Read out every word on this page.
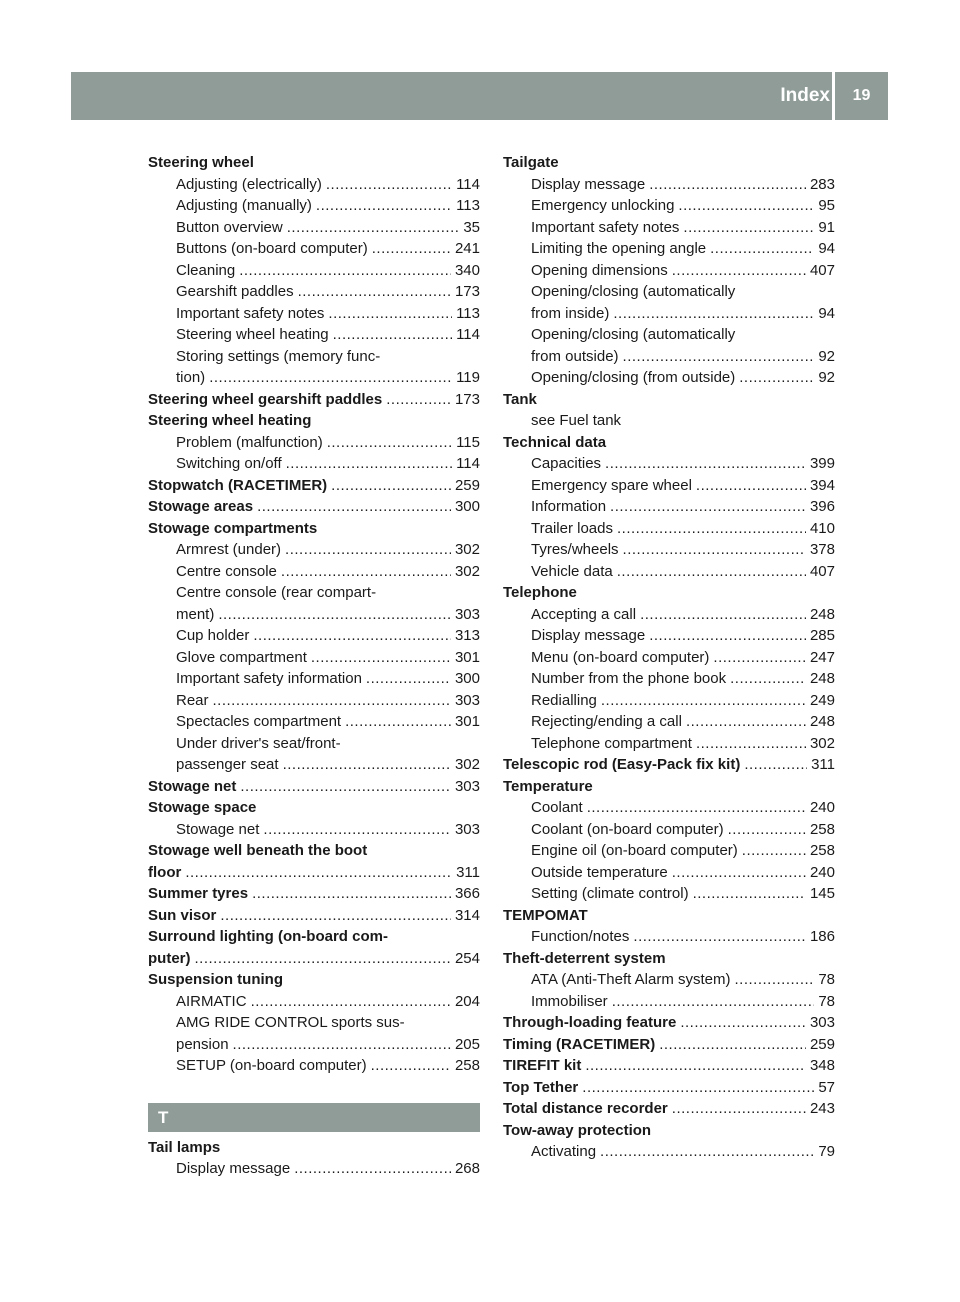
Index	19
Steering wheel
Adjusting (electrically) .....	114
Adjusting (manually) .....	113
Button overview .....	35
Buttons (on-board computer) .....	241
Cleaning .....	340
Gearshift paddles .....	173
Important safety notes .....	113
Steering wheel heating .....	114
Storing settings (memory func-
tion) .....	119
Steering wheel gearshift paddles .....	173
Steering wheel heating
Problem (malfunction) .....	115
Switching on/off .....	114
Stopwatch (RACETIMER) .....	259
Stowage areas .....	300
Stowage compartments
Armrest (under) .....	302
Centre console .....	302
Centre console (rear compart-
ment) .....	303
Cup holder .....	313
Glove compartment .....	301
Important safety information .....	300
Rear .....	303
Spectacles compartment .....	301
Under driver's seat/front-
passenger seat .....	302
Stowage net .....	303
Stowage space
Stowage net .....	303
Stowage well beneath the boot
floor .....	311
Summer tyres .....	366
Sun visor .....	314
Surround lighting (on-board com-
puter) .....	254
Suspension tuning
AIRMATIC .....	204
AMG RIDE CONTROL sports sus-
pension .....	205
SETUP (on-board computer) .....	258
T
Tail lamps
Display message .....	268
Tailgate
Display message .....	283
Emergency unlocking .....	95
Important safety notes .....	91
Limiting the opening angle .....	94
Opening dimensions .....	407
Opening/closing (automatically
from inside) .....	94
Opening/closing (automatically
from outside) .....	92
Opening/closing (from outside) .....	92
Tank
see Fuel tank
Technical data
Capacities .....	399
Emergency spare wheel .....	394
Information .....	396
Trailer loads .....	410
Tyres/wheels .....	378
Vehicle data .....	407
Telephone
Accepting a call .....	248
Display message .....	285
Menu (on-board computer) .....	247
Number from the phone book .....	248
Redialling .....	249
Rejecting/ending a call .....	248
Telephone compartment .....	302
Telescopic rod (Easy-Pack fix kit) .....	311
Temperature
Coolant .....	240
Coolant (on-board computer) .....	258
Engine oil (on-board computer) .....	258
Outside temperature .....	240
Setting (climate control) .....	145
TEMPOMAT
Function/notes .....	186
Theft-deterrent system
ATA (Anti-Theft Alarm system) .....	78
Immobiliser .....	78
Through-loading feature .....	303
Timing (RACETIMER) .....	259
TIREFIT kit .....	348
Top Tether .....	57
Total distance recorder .....	243
Tow-away protection
Activating .....	79
